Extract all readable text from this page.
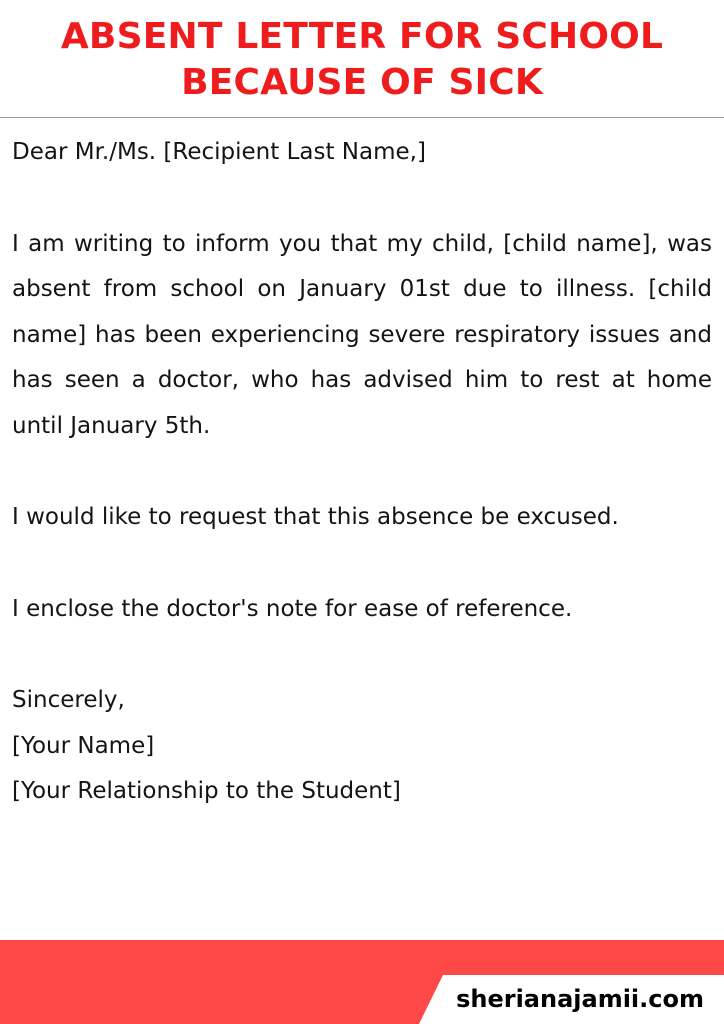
ABSENT LETTER FOR SCHOOL
BECAUSE OF SICK

Dear Mr./Ms. [Recipient Last Name,]

I am writing to inform you that my child, [child name], was absent from school on January 01st due to illness. [child name] has been experiencing severe respiratory issues and has seen a doctor, who has advised him to rest at home until January 5th.

I would like to request that this absence be excused.

I enclose the doctor's note for ease of reference.

Sincerely,

[Your Name]

[Your Relationship to the Student]

sherianajamii.com
